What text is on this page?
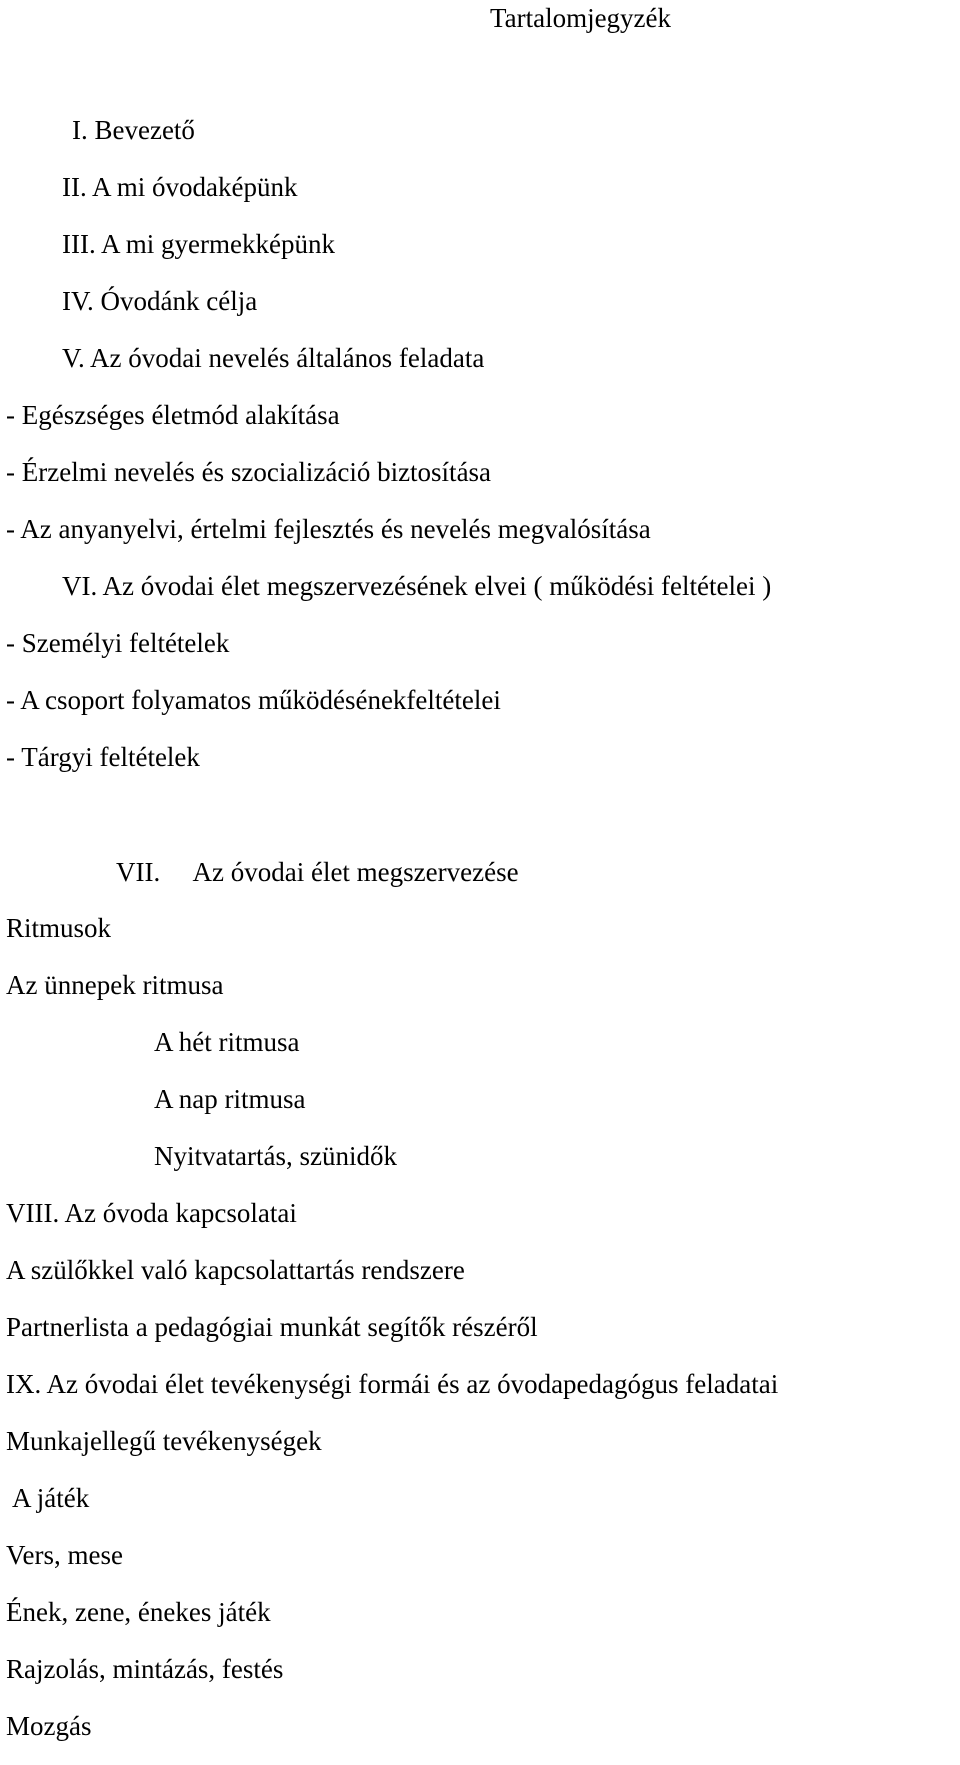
Tartalomjegyzék

I. Bevezető

II. A mi óvodaképünk

III. A mi gyermekképünk

IV. Óvodánk célja

V. Az óvodai nevelés általános feladata

- Egészséges életmód alakítása

- Érzelmi nevelés és szocializáció biztosítása

- Az anyanyelvi, értelmi fejlesztés és nevelés megvalósítása

VI. Az óvodai élet megszervezésének elvei ( működési feltételei )

- Személyi feltételek

- A csoport folyamatos működésénekfeltételei

- Tárgyi feltételek

VII.     Az óvodai élet megszervezése

Ritmusok

Az ünnepek ritmusa

A hét ritmusa

A nap ritmusa

Nyitvatartás, szünidők

VIII. Az óvoda kapcsolatai

A szülőkkel való kapcsolattartás rendszere

Partnerlista a pedagógiai munkát segítők részéről

IX. Az óvodai élet tevékenységi formái és az óvodapedagógus feladatai

Munkajellegű tevékenységek

A játék

Vers, mese

Ének, zene, énekes játék

Rajzolás, mintázás, festés

Mozgás
